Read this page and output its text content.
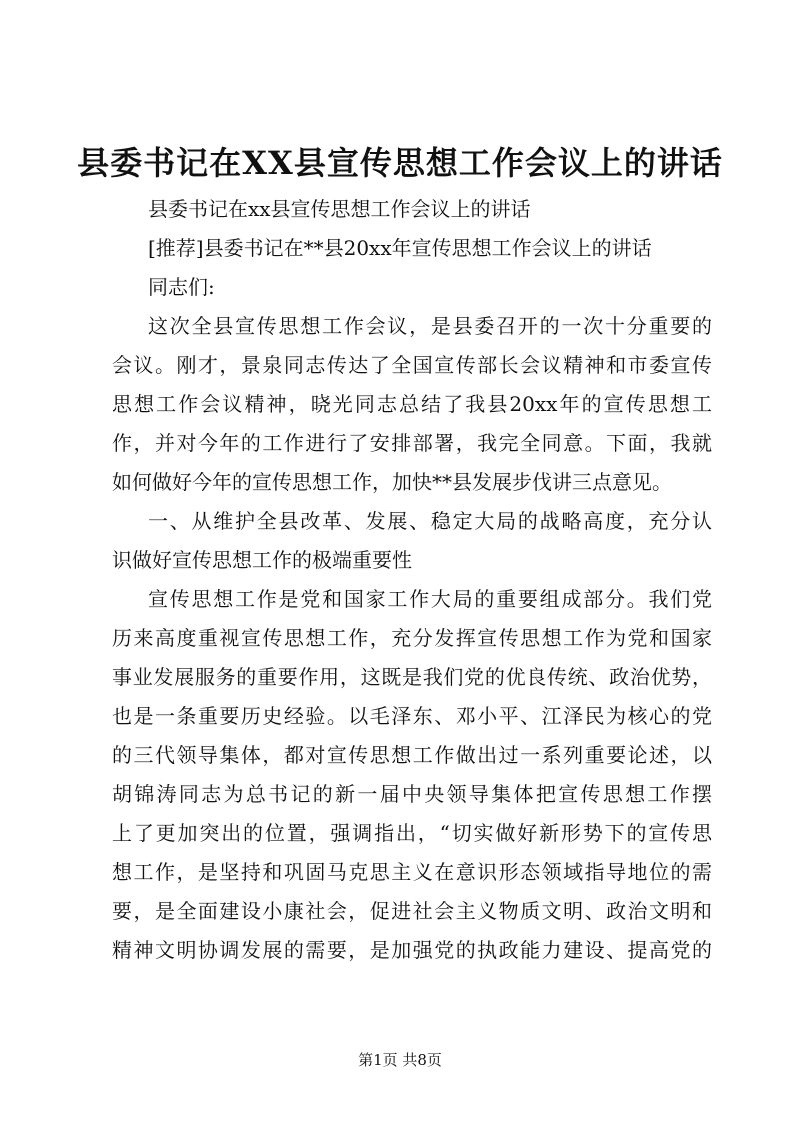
县委书记在XX县宣传思想工作会议上的讲话
县委书记在xx县宣传思想工作会议上的讲话
[推荐]县委书记在**县20xx年宣传思想工作会议上的讲话
同志们:
这次全县宣传思想工作会议，是县委召开的一次十分重要的
会议。刚才，景泉同志传达了全国宣传部长会议精神和市委宣传
思想工作会议精神，晓光同志总结了我县20xx年的宣传思想工
作，并对今年的工作进行了安排部署，我完全同意。下面，我就
如何做好今年的宣传思想工作，加快**县发展步伐讲三点意见。
一、从维护全县改革、发展、稳定大局的战略高度，充分认
识做好宣传思想工作的极端重要性
宣传思想工作是党和国家工作大局的重要组成部分。我们党
历来高度重视宣传思想工作，充分发挥宣传思想工作为党和国家
事业发展服务的重要作用，这既是我们党的优良传统、政治优势，
也是一条重要历史经验。以毛泽东、邓小平、江泽民为核心的党
的三代领导集体，都对宣传思想工作做出过一系列重要论述，以
胡锦涛同志为总书记的新一届中央领导集体把宣传思想工作摆
上了更加突出的位置，强调指出，“切实做好新形势下的宣传思
想工作，是坚持和巩固马克思主义在意识形态领域指导地位的需
要，是全面建设小康社会，促进社会主义物质文明、政治文明和
精神文明协调发展的需要，是加强党的执政能力建设、提高党的
第1页 共8页
